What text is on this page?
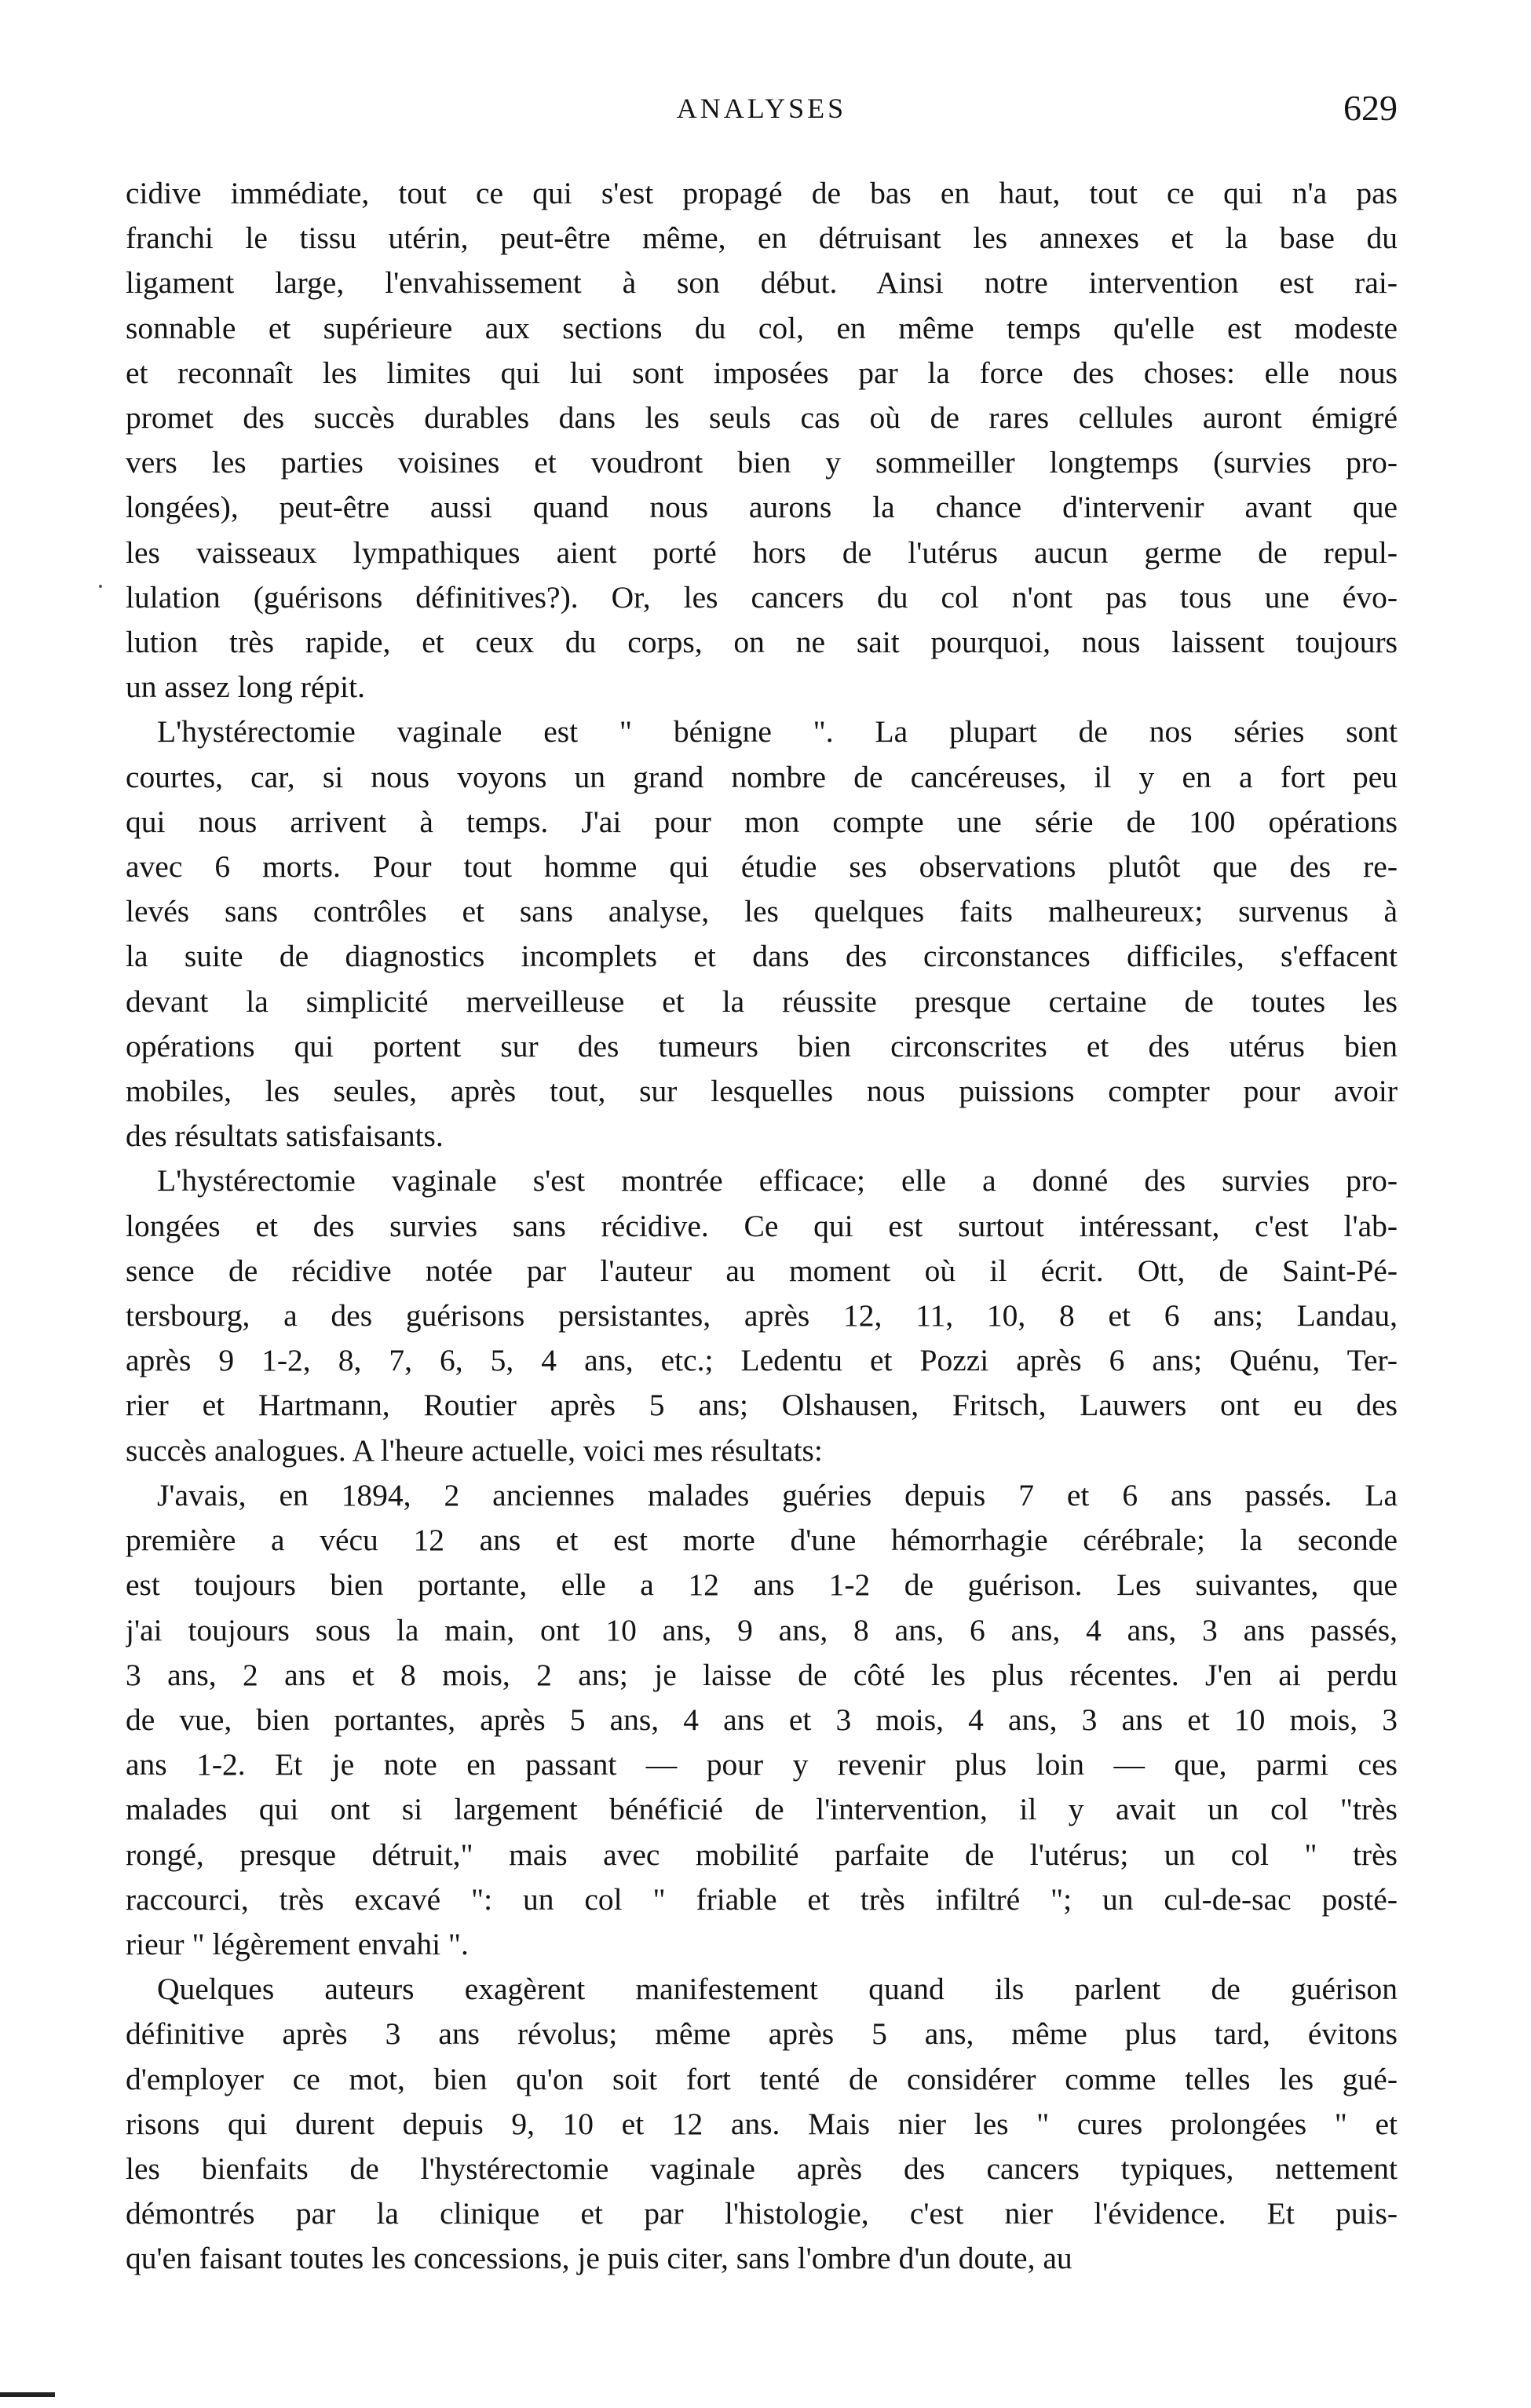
ANALYSES	629
cidive immédiate, tout ce qui s'est propagé de bas en haut, tout ce qui n'a pas
franchi le tissu utérin, peut-être même, en détruisant les annexes et la base du
ligament large, l'envahissement à son début. Ainsi notre intervention est rai-
sonnable et supérieure aux sections du col, en même temps qu'elle est modeste
et reconnaît les limites qui lui sont imposées par la force des choses: elle nous
promet des succès durables dans les seuls cas où de rares cellules auront émigré
vers les parties voisines et voudront bien y sommeiller longtemps (survies pro-
longées), peut-être aussi quand nous aurons la chance d'intervenir avant que
les vaisseaux lympathiques aient porté hors de l'utérus aucun germe de repul-
lulation (guérisons définitives?). Or, les cancers du col n'ont pas tous une évo-
lution très rapide, et ceux du corps, on ne sait pourquoi, nous laissent toujours
un assez long répit.
L'hystérectomie vaginale est " bénigne ". La plupart de nos séries sont
courtes, car, si nous voyons un grand nombre de cancéreuses, il y en a fort peu
qui nous arrivent à temps. J'ai pour mon compte une série de 100 opérations
avec 6 morts. Pour tout homme qui étudie ses observations plutôt que des re-
levés sans contrôles et sans analyse, les quelques faits malheureux; survenus à
la suite de diagnostics incomplets et dans des circonstances difficiles, s'effacent
devant la simplicité merveilleuse et la réussite presque certaine de toutes les
opérations qui portent sur des tumeurs bien circonscrites et des utérus bien
mobiles, les seules, après tout, sur lesquelles nous puissions compter pour avoir
des résultats satisfaisants.
L'hystérectomie vaginale s'est montrée efficace; elle a donné des survies pro-
longées et des survies sans récidive. Ce qui est surtout intéressant, c'est l'ab-
sence de récidive notée par l'auteur au moment où il écrit. Ott, de Saint-Pé-
tersbourg, a des guérisons persistantes, après 12, 11, 10, 8 et 6 ans; Landau,
après 9 1-2, 8, 7, 6, 5, 4 ans, etc.; Ledentu et Pozzi après 6 ans; Quénu, Ter-
rier et Hartmann, Routier après 5 ans; Olshausen, Fritsch, Lauwers ont eu des
succès analogues. A l'heure actuelle, voici mes résultats:
J'avais, en 1894, 2 anciennes malades guéries depuis 7 et 6 ans passés. La
première a vécu 12 ans et est morte d'une hémorrhagie cérébrale; la seconde
est toujours bien portante, elle a 12 ans 1-2 de guérison. Les suivantes, que
j'ai toujours sous la main, ont 10 ans, 9 ans, 8 ans, 6 ans, 4 ans, 3 ans passés,
3 ans, 2 ans et 8 mois, 2 ans; je laisse de côté les plus récentes. J'en ai perdu
de vue, bien portantes, après 5 ans, 4 ans et 3 mois, 4 ans, 3 ans et 10 mois, 3
ans 1-2. Et je note en passant — pour y revenir plus loin — que, parmi ces
malades qui ont si largement bénéficié de l'intervention, il y avait un col "très
rongé, presque détruit," mais avec mobilité parfaite de l'utérus; un col " très
raccourci, très excavé ": un col " friable et très infiltré "; un cul-de-sac posté-
rieur " légèrement envahi ".
Quelques auteurs exagèrent manifestement quand ils parlent de guérison
définitive après 3 ans révolus; même après 5 ans, même plus tard, évitons
d'employer ce mot, bien qu'on soit fort tenté de considérer comme telles les gué-
risons qui durent depuis 9, 10 et 12 ans. Mais nier les " cures prolongées " et
les bienfaits de l'hystérectomie vaginale après des cancers typiques, nettement
démontrés par la clinique et par l'histologie, c'est nier l'évidence. Et puis-
qu'en faisant toutes les concessions, je puis citer, sans l'ombre d'un doute, au
